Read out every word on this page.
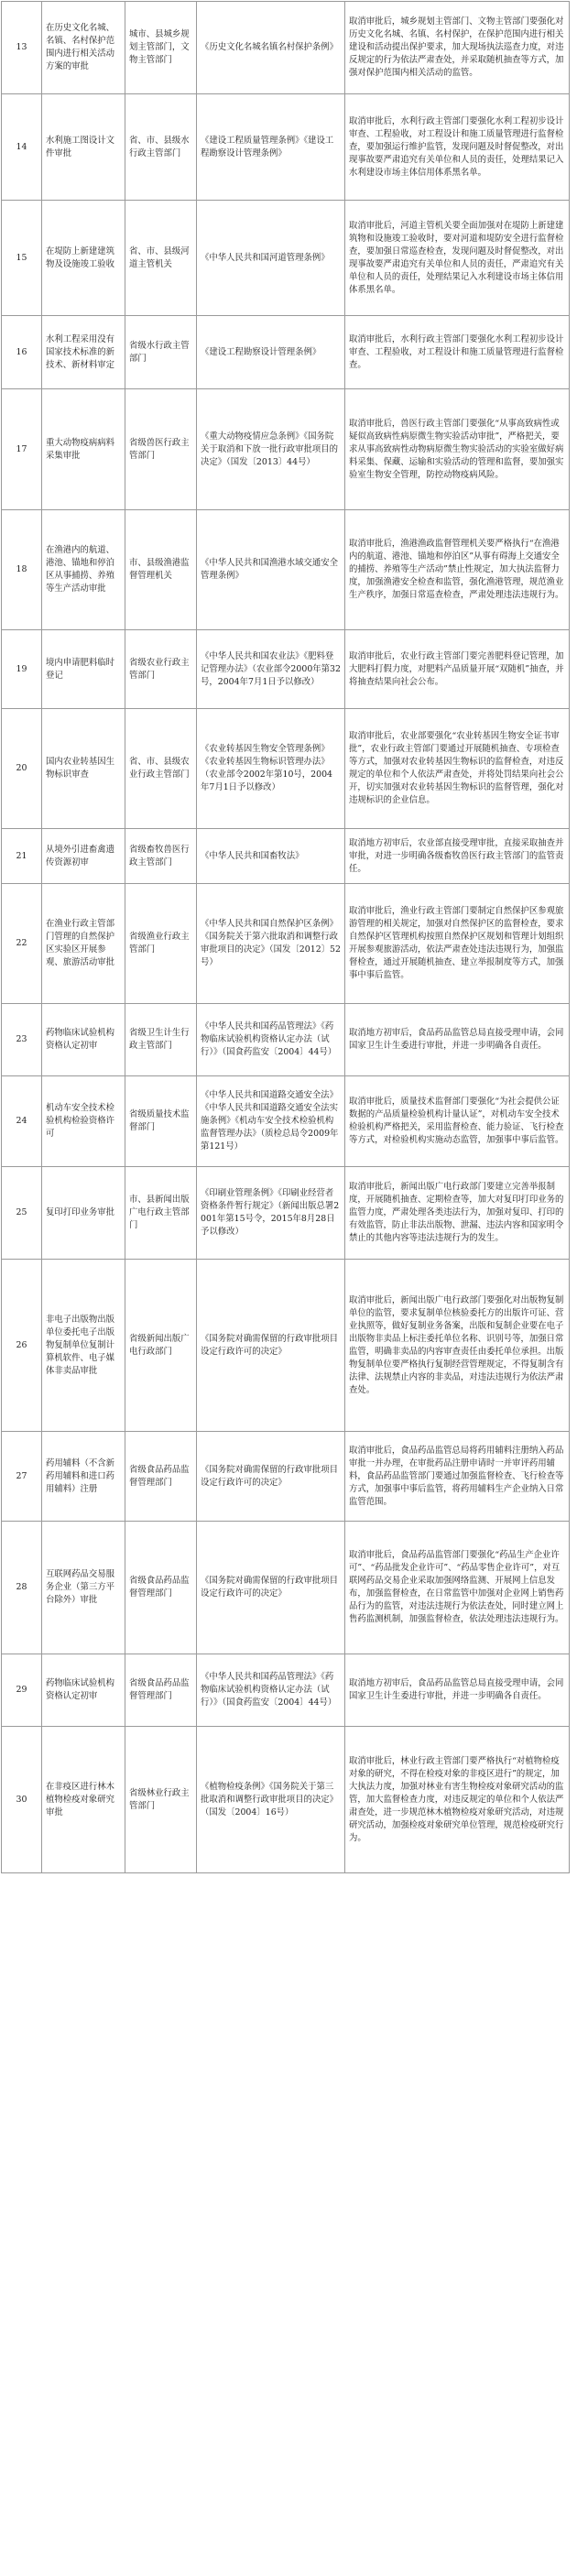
13	在历史文化名城、名镇、名村保护范围内进行相关活动方案的审批	城市、县城乡规划主管部门，文物主管部门	《历史文化名城名镇名村保护条例》	取消审批后，城乡规划主管部门、文物主管部门要强化对历史文化名城、名镇、名村保护，在保护范围内进行相关建设和活动提出保护要求，加大现场执法巡查力度，对违反规定的行为依法严肃查处，并采取随机抽查等方式，加强对保护范围内相关活动的监管。
14	水利施工图设计文件审批	省、市、县级水行政主管部门	《建设工程质量管理条例》《建设工程勘察设计管理条例》	取消审批后，水利行政主管部门要强化水利工程初步设计审查、工程验收，对工程设计和施工质量管理进行监督检查，要加强运行维护监管，发现问题及时督促整改，对出现事故要严肃追究有关单位和人员的责任，处理结果记入水利建设市场主体信用体系黑名单。
15	在堤防上新建建筑物及设施竣工验收	省、市、县级河道主管机关	《中华人民共和国河道管理条例》	取消审批后，河道主管机关要全面加强对在堤防上新建建筑物和设施竣工验收时，要对河道和堤防安全进行监督检查，要加强日常巡查检查，发现问题及时督促整改，对出现事故要严肃追究有关单位和人员的责任，严肃追究有关单位和人员的责任，处理结果记入水利建设市场主体信用体系黑名单。
16	水利工程采用没有国家技术标准的新技术、新材料审定	省级水行政主管部门	《建设工程勘察设计管理条例》	取消审批后，水利行政主管部门要强化水利工程初步设计审查、工程验收，对工程设计和施工质量管理进行监督检查。
17	重大动物疫病病料采集审批	省级兽医行政主管部门	《重大动物疫情应急条例》《国务院关于取消和下放一批行政审批项目的决定》（国发〔2013〕44号）	取消审批后，兽医行政主管部门要强化“从事高致病性或疑似高致病性病原微生物实验活动审批”，严格把关，要求从事高致病性动物病原微生物实验活动的实验室做好病料采集、保藏、运输和实验活动的管理和监督，要加强实验室生物安全管理，防控动物疫病风险。
18	在渔港内的航道、港池、锚地和停泊区从事捕捞、养殖等生产活动审批	市、县级渔港监督管理机关	《中华人民共和国渔港水域交通安全管理条例》	取消审批后，渔港渔政监督管理机关要严格执行“在渔港内的航道、港池、锚地和停泊区”从事有碍海上交通安全的捕捞、养殖等生产活动”禁止性规定，加大执法监督力度，加强渔港安全检查和监管，强化渔港管理，规范渔业生产秩序，加强日常巡查检查，严肃处理违法违规行为。
19	境内申请肥料临时登记	省级农业行政主管部门	《中华人民共和国农业法》《肥料登记管理办法》（农业部令2000年第32号，2004年7月1日予以修改）	取消审批后，农业行政主管部门要完善肥料登记管理，加大肥料打假力度，对肥料产品质量开展“双随机”抽查，并将抽查结果向社会公布。
20	国内农业转基因生物标识审查	省、市、县级农业行政主管部门	《农业转基因生物安全管理条例》《农业转基因生物标识管理办法》（农业部令2002年第10号，2004年7月1日予以修改）	取消审批后，农业部要强化“农业转基因生物安全证书审批”，农业行政主管部门要通过开展随机抽查、专项检查等方式，加强对农业转基因生物标识的监督检查，对违反规定的单位和个人依法严肃查处，并将处罚结果向社会公开，切实加强对农业转基因生物标识的监督管理，强化对违规标识的企业信息。
21	从境外引进畜禽遗传资源初审	省级畜牧兽医行政主管部门	《中华人民共和国畜牧法》	取消地方初审后，农业部直接受理审批，直接采取抽查并审批，对进一步明确各级畜牧兽医行政主管部门的监管责任。
22	在渔业行政主管部门管理的自然保护区实验区开展参观、旅游活动审批	省级渔业行政主管部门	《中华人民共和国自然保护区条例》《国务院关于第六批取消和调整行政审批项目的决定》（国发〔2012〕52号）	取消审批后，渔业行政主管部门要制定自然保护区参观旅游管理的相关规定，加强对自然保护区的监督检查，要求自然保护区管理机构按照自然保护区规划和管理计划组织开展参观旅游活动，依法严肃查处违法违规行为，加强监督检查，通过开展随机抽查、建立举报制度等方式，加强事中事后监管。
23	药物临床试验机构资格认定初审	省级卫生计生行政主管部门	《中华人民共和国药品管理法》《药物临床试验机构资格认定办法（试行）》（国食药监安〔2004〕44号）	取消地方初审后，食品药品监管总局直接受理申请，会同国家卫生计生委进行审批，并进一步明确各自责任。
24	机动车安全技术检验机构检验资格许可	省级质量技术监督部门	《中华人民共和国道路交通安全法》《中华人民共和国道路交通安全法实施条例》《机动车安全技术检验机构监督管理办法》（质检总局令2009年第121号）	取消审批后，质量技术监督部门要强化“为社会提供公证数据的产品质量检验机构计量认证”，对机动车安全技术检验机构严格把关，采用监督检查、能力验证、飞行检查等方式，对检验机构实施动态监管，加强事中事后监管。
25	复印打印业务审批	市、县新闻出版广电行政主管部门	《印刷业管理条例》《印刷业经营者资格条件暂行规定》（新闻出版总署2001年第15号令，2015年8月28日予以修改）	取消审批后，新闻出版广电行政部门要建立完善举报制度，开展随机抽查、定期检查等，加大对复印打印业务的监管力度，严肃处理各类违法行为，加强对复印、打印的有效监管，防止非法出版物、泄漏、违法内容和国家明令禁止的其他内容等违法违规行为的发生。
26	非电子出版物出版单位委托电子出版物复制单位复制计算机软件、电子媒体非卖品审批	省级新闻出版广电行政部门	《国务院对确需保留的行政审批项目设定行政许可的决定》	取消审批后，新闻出版广电行政部门要强化对出版物复制单位的监管，要求复制单位核验委托方的出版许可证、营业执照等，做好复制业务备案，出版和复制企业要在电子出版物非卖品上标注委托单位名称、识别号等，加强日常监管，明确非卖品的内容审查责任由委托单位承担。出版物复制单位要严格执行复制经营管理规定，不得复制含有法律、法规禁止内容的非卖品，对违法违规行为依法严肃查处。
27	药用辅料（不含新药用辅料和进口药用辅料）注册	省级食品药品监督管理部门	《国务院对确需保留的行政审批项目设定行政许可的决定》	取消审批后，食品药品监管总局将药用辅料注册纳入药品审批一并办理，在审批药品注册申请时一并审评药用辅料，食品药品监管部门要通过加强监督检查、飞行检查等方式，加强事中事后监管，将药用辅料生产企业纳入日常监管范围。
28	互联网药品交易服务企业（第三方平台除外）审批	省级食品药品监督管理部门	《国务院对确需保留的行政审批项目设定行政许可的决定》	取消审批后，食品药品监管部门要强化“药品生产企业许可”、“药品批发企业许可”、“药品零售企业许可”，对互联网药品交易企业采取加强网络监测、开展网上信息发布，加强监督检查，在日常监管中加强对企业网上销售药品行为的监管，对违法违规行为依法查处，同时建立网上售药监测机制，加强监督检查，依法处理违法违规行为。
29	药物临床试验机构资格认定初审	省级食品药品监督管理部门	《中华人民共和国药品管理法》《药物临床试验机构资格认定办法（试行）》（国食药监安〔2004〕44号）	取消地方初审后，食品药品监管总局直接受理申请，会同国家卫生计生委进行审批，并进一步明确各自责任。
30	在非疫区进行林木植物检疫对象研究审批	省级林业行政主管部门	《植物检疫条例》《国务院关于第三批取消和调整行政审批项目的决定》（国发〔2004〕16号）	取消审批后，林业行政主管部门要严格执行“对植物检疫对象的研究，不得在检疫对象的非疫区进行”的规定，加大执法力度，加强对林业有害生物检疫对象研究活动的监管，加大监督检查力度，对违反规定的单位和个人依法严肃查处，进一步规范林木植物检疫对象研究活动，对违规研究活动，加强检疫对象研究单位管理，规范检疫研究行为。
